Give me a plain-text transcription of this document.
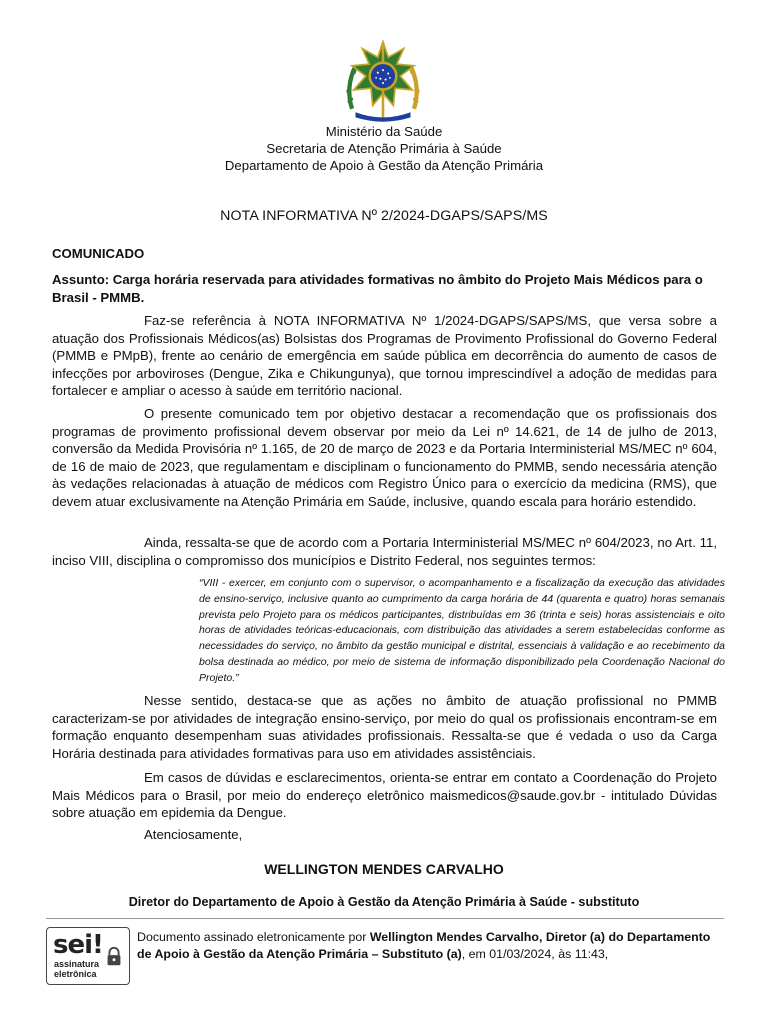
Ministério da Saúde
Secretaria de Atenção Primária à Saúde
Departamento de Apoio à Gestão da Atenção Primária
NOTA INFORMATIVA Nº 2/2024-DGAPS/SAPS/MS
COMUNICADO
Assunto: Carga horária reservada para atividades formativas no âmbito do Projeto Mais Médicos para o Brasil - PMMB.

Faz-se referência à NOTA INFORMATIVA Nº 1/2024-DGAPS/SAPS/MS, que versa sobre a atuação dos Profissionais Médicos(as) Bolsistas dos Programas de Provimento Profissional do Governo Federal (PMMB e PMpB), frente ao cenário de emergência em saúde pública em decorrência do aumento de casos de infecções por arboviroses (Dengue, Zika e Chikungunya), que tornou imprescindível a adoção de medidas para fortalecer e ampliar o acesso à saúde em território nacional.

O presente comunicado tem por objetivo destacar a recomendação que os profissionais dos programas de provimento profissional devem observar por meio da Lei nº 14.621, de 14 de julho de 2013, conversão da Medida Provisória nº 1.165, de 20 de março de 2023 e da Portaria Interministerial MS/MEC nº 604, de 16 de maio de 2023, que regulamentam e disciplinam o funcionamento do PMMB, sendo necessária atenção às vedações relacionadas à atuação de médicos com Registro Único para o exercício da medicina (RMS), que devem atuar exclusivamente na Atenção Primária em Saúde, inclusive, quando escala para horário estendido.

Ainda, ressalta-se que de acordo com a Portaria Interministerial MS/MEC nº 604/2023, no Art. 11, inciso VIII, disciplina o compromisso dos municípios e Distrito Federal, nos seguintes termos:

“VIII - exercer, em conjunto com o supervisor, o acompanhamento e a fiscalização da execução das atividades de ensino-serviço, inclusive quanto ao cumprimento da carga horária de 44 (quarenta e quatro) horas semanais prevista pelo Projeto para os médicos participantes, distribuídas em 36 (trinta e seis) horas assistenciais e oito horas de atividades teóricas-educacionais, com distribuição das atividades a serem estabelecidas conforme as necessidades do serviço, no âmbito da gestão municipal e distrital, essenciais à validação e ao recebimento da bolsa destinada ao médico, por meio de sistema de informação disponibilizado pela Coordenação Nacional do Projeto.”

Nesse sentido, destaca-se que as ações no âmbito de atuação profissional no PMMB caracterizam-se por atividades de integração ensino-serviço, por meio do qual os profissionais encontram-se em formação enquanto desempenham suas atividades profissionais. Ressalta-se que é vedada o uso da Carga Horária destinada para atividades formativas para uso em atividades assistênciais.

Em casos de dúvidas e esclarecimentos, orienta-se entrar em contato a Coordenação do Projeto Mais Médicos para o Brasil, por meio do endereço eletrônico maismedicos@saude.gov.br - intitulado Dúvidas sobre atuação em epidemia da Dengue.

Atenciosamente,

WELLINGTON MENDES CARVALHO
Diretor do Departamento de Apoio à Gestão da Atenção Primária à Saúde - substituto
sei!
assinatura
eletrônica
Documento assinado eletronicamente por Wellington Mendes Carvalho, Diretor (a) do Departamento de Apoio à Gestão da Atenção Primária – Substituto (a), em 01/03/2024, às 11:43,
